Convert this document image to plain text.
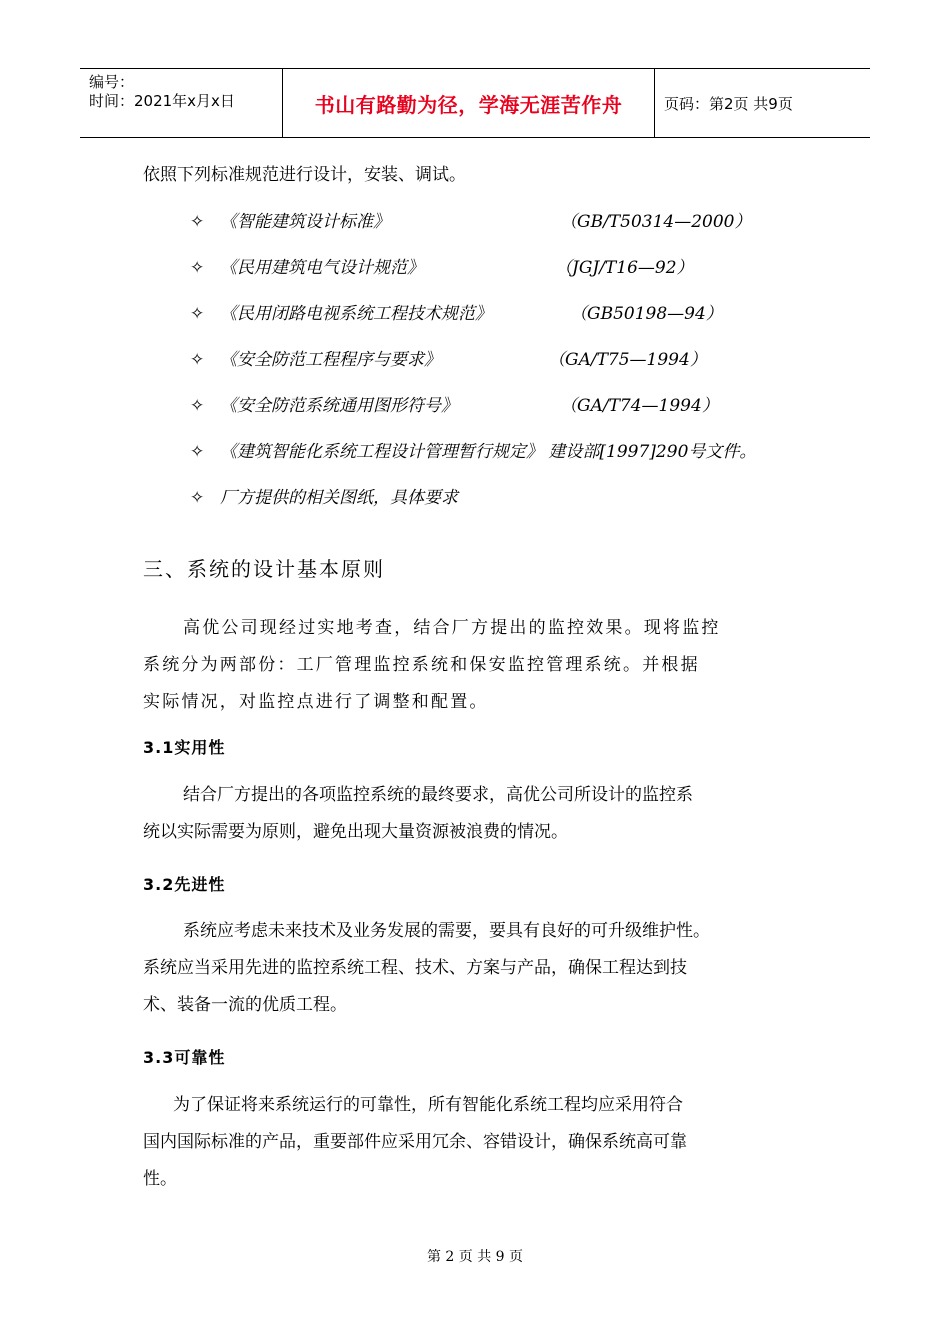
编号：
时间：2021年x月x日	书山有路勤为径，学海无涯苦作舟	页码：第2页 共9页
依照下列标准规范进行设计，安装、调试。
✧ 《智能建筑设计标准》	（GB/T50314—2000）
✧ 《民用建筑电气设计规范》	（JGJ/T16—92）
✧ 《民用闭路电视系统工程技术规范》	（GB50198—94）
✧ 《安全防范工程程序与要求》	（GA/T75—1994）
✧ 《安全防范系统通用图形符号》	（GA/T74—1994）
✧ 《建筑智能化系统工程设计管理暂行规定》 建设部[1997]290号文件。
✧ 厂方提供的相关图纸，具体要求
三、系统的设计基本原则
高优公司现经过实地考查，结合厂方提出的监控效果。现将监控
系统分为两部份：工厂管理监控系统和保安监控管理系统。并根据
实际情况，对监控点进行了调整和配置。
3.1实用性
结合厂方提出的各项监控系统的最终要求，高优公司所设计的监控系
统以实际需要为原则，避免出现大量资源被浪费的情况。
3.2先进性
系统应考虑未来技术及业务发展的需要，要具有良好的可升级维护性。
系统应当采用先进的监控系统工程、技术、方案与产品，确保工程达到技
术、装备一流的优质工程。
3.3可靠性
为了保证将来系统运行的可靠性，所有智能化系统工程均应采用符合
国内国际标准的产品，重要部件应采用冗余、容错设计，确保系统高可靠
性。
第 2 页 共 9 页
